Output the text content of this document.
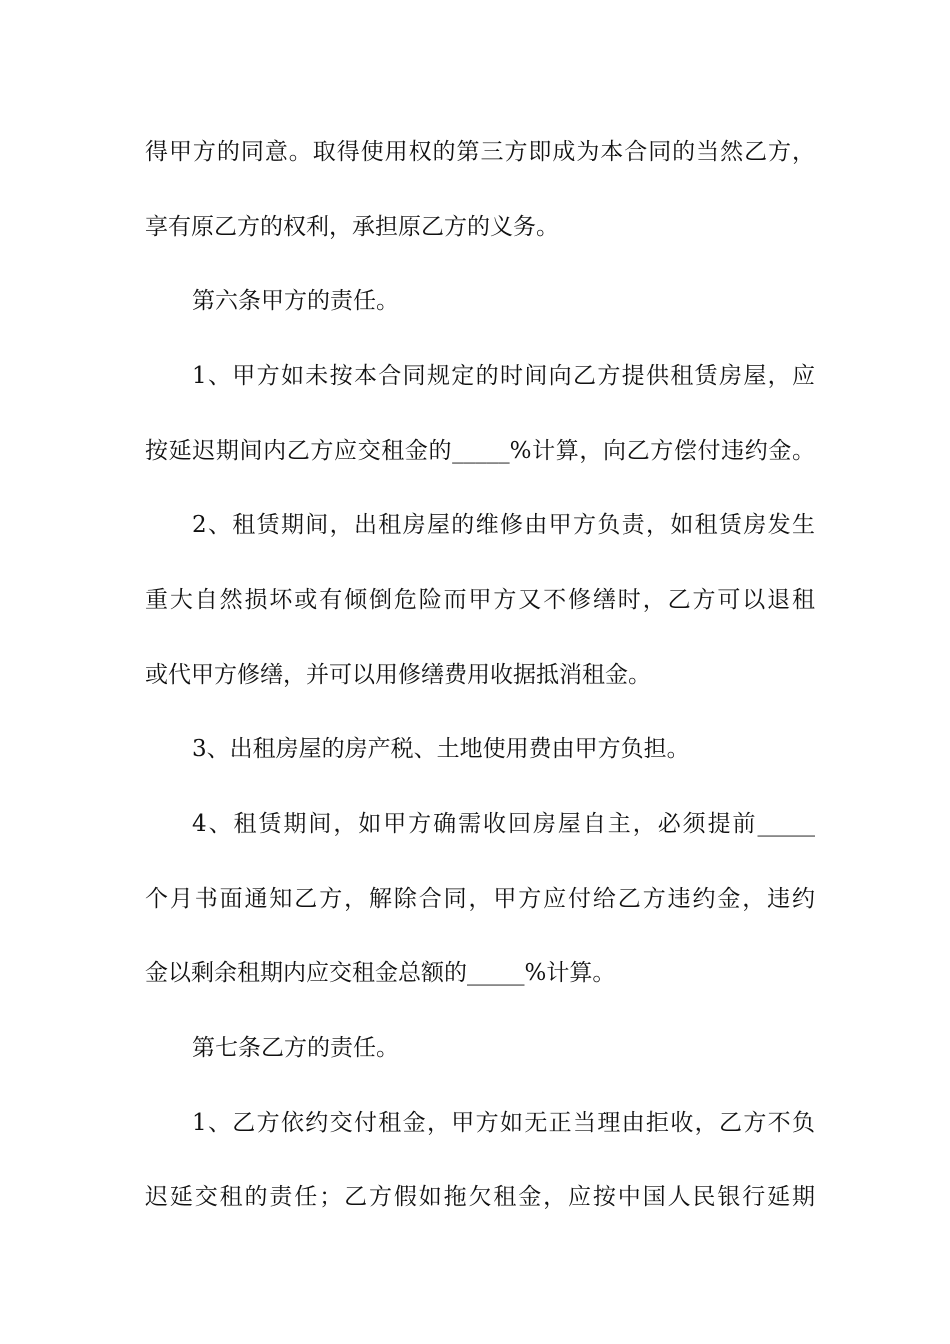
得甲方的同意。取得使用权的第三方即成为本合同的当然乙方，
享有原乙方的权利，承担原乙方的义务。
第六条甲方的责任。
1、甲方如未按本合同规定的时间向乙方提供租赁房屋，应
按延迟期间内乙方应交租金的_____%计算，向乙方偿付违约金。
2、租赁期间，出租房屋的维修由甲方负责，如租赁房发生
重大自然损坏或有倾倒危险而甲方又不修缮时，乙方可以退租
或代甲方修缮，并可以用修缮费用收据抵消租金。
3、出租房屋的房产税、土地使用费由甲方负担。
4、租赁期间，如甲方确需收回房屋自主，必须提前_____
个月书面通知乙方，解除合同，甲方应付给乙方违约金，违约
金以剩余租期内应交租金总额的_____%计算。
第七条乙方的责任。
1、乙方依约交付租金，甲方如无正当理由拒收，乙方不负
迟延交租的责任；乙方假如拖欠租金，应按中国人民银行延期
